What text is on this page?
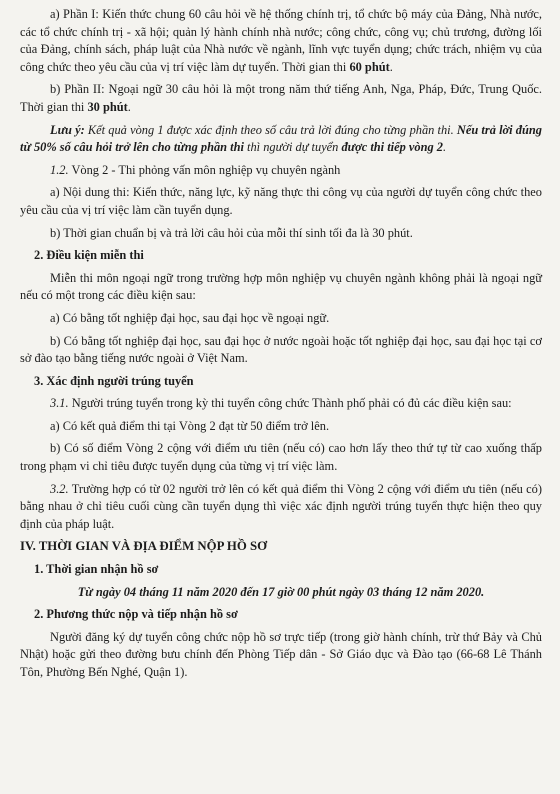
a) Phần I: Kiến thức chung 60 câu hỏi về hệ thống chính trị, tổ chức bộ máy của Đảng, Nhà nước, các tổ chức chính trị - xã hội; quản lý hành chính nhà nước; công chức, công vụ; chủ trương, đường lối của Đảng, chính sách, pháp luật của Nhà nước về ngành, lĩnh vực tuyển dụng; chức trách, nhiệm vụ của công chức theo yêu cầu của vị trí việc làm dự tuyển. Thời gian thi 60 phút.

b) Phần II: Ngoại ngữ 30 câu hỏi là một trong năm thứ tiếng Anh, Nga, Pháp, Đức, Trung Quốc. Thời gian thi 30 phút.

Lưu ý: Kết quả vòng 1 được xác định theo số câu trả lời đúng cho từng phần thi. Nếu trả lời đúng từ 50% số câu hỏi trở lên cho từng phần thi thì người dự tuyển được thi tiếp vòng 2.

1.2. Vòng 2 - Thi phỏng vấn môn nghiệp vụ chuyên ngành

a) Nội dung thi: Kiến thức, năng lực, kỹ năng thực thi công vụ của người dự tuyển công chức theo yêu cầu của vị trí việc làm cần tuyển dụng.

b) Thời gian chuẩn bị và trả lời câu hỏi của mỗi thí sinh tối đa là 30 phút.

2. Điều kiện miễn thi

Miễn thi môn ngoại ngữ trong trường hợp môn nghiệp vụ chuyên ngành không phải là ngoại ngữ nếu có một trong các điều kiện sau:

a) Có bằng tốt nghiệp đại học, sau đại học về ngoại ngữ.

b) Có bằng tốt nghiệp đại học, sau đại học ở nước ngoài hoặc tốt nghiệp đại học, sau đại học tại cơ sở đào tạo bằng tiếng nước ngoài ở Việt Nam.

3. Xác định người trúng tuyển

3.1. Người trúng tuyển trong kỳ thi tuyển công chức Thành phố phải có đủ các điều kiện sau:

a) Có kết quả điểm thi tại Vòng 2 đạt từ 50 điểm trở lên.

b) Có số điểm Vòng 2 cộng với điểm ưu tiên (nếu có) cao hơn lấy theo thứ tự từ cao xuống thấp trong phạm vi chỉ tiêu được tuyển dụng của từng vị trí việc làm.

3.2. Trường hợp có từ 02 người trở lên có kết quả điểm thi Vòng 2 cộng với điểm ưu tiên (nếu có) bằng nhau ở chỉ tiêu cuối cùng cần tuyển dụng thì việc xác định người trúng tuyển thực hiện theo quy định của pháp luật.

IV. THỜI GIAN VÀ ĐỊA ĐIỂM NỘP HỒ SƠ

1. Thời gian nhận hồ sơ

Từ ngày 04 tháng 11 năm 2020 đến 17 giờ 00 phút ngày 03 tháng 12 năm 2020.

2. Phương thức nộp và tiếp nhận hồ sơ

Người đăng ký dự tuyển công chức nộp hồ sơ trực tiếp (trong giờ hành chính, trừ thứ Bảy và Chủ Nhật) hoặc gửi theo đường bưu chính đến Phòng Tiếp dân - Sở Giáo dục và Đào tạo (66-68 Lê Thánh Tôn, Phường Bến Nghé, Quận 1).
